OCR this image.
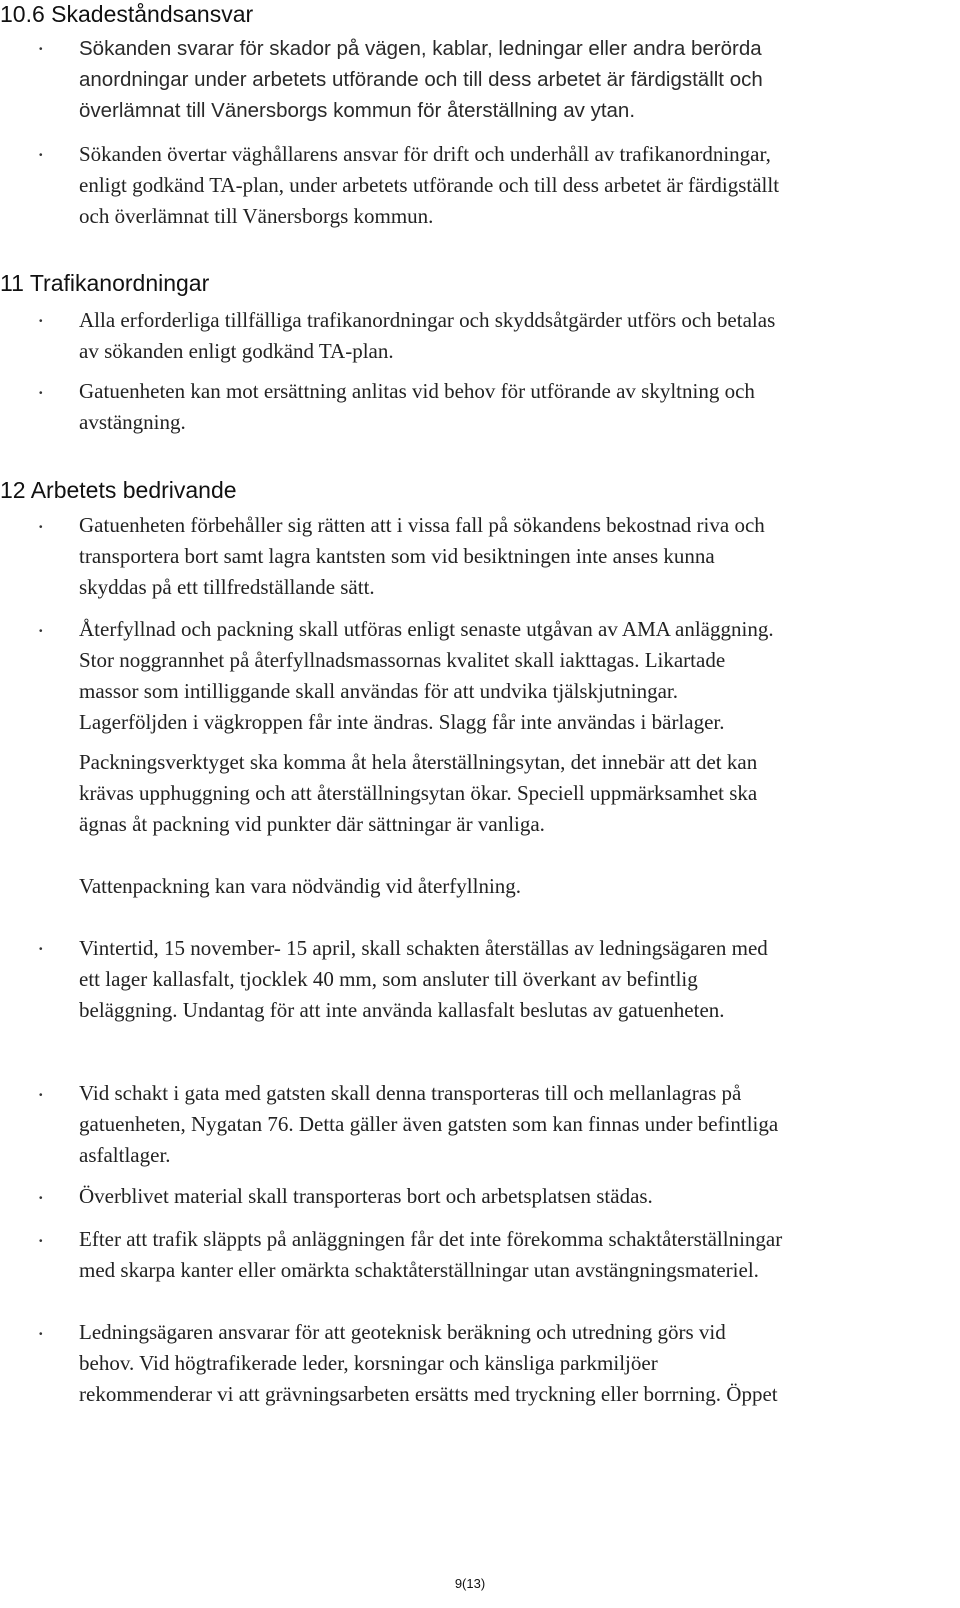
10.6 Skadeståndsansvar
• Sökanden svarar för skador på vägen, kablar, ledningar eller andra berörda
anordningar under arbetets utförande och till dess arbetet är färdigställt och
överlämnat till Vänersborgs kommun för återställning av ytan.
• Sökanden övertar väghållarens ansvar för drift och underhåll av trafikanordningar,
enligt godkänd TA-plan, under arbetets utförande och till dess arbetet är färdigställt
och överlämnat till Vänersborgs kommun.
11 Trafikanordningar
• Alla erforderliga tillfälliga trafikanordningar och skyddsåtgärder utförs och betalas
av sökanden enligt godkänd TA-plan.
• Gatuenheten kan mot ersättning anlitas vid behov för utförande av skyltning och
avstängning.
12 Arbetets bedrivande
• Gatuenheten förbehåller sig rätten att i vissa fall på sökandens bekostnad riva och
transportera bort samt lagra kantsten som vid besiktningen inte anses kunna
skyddas på ett tillfredställande sätt.
• Återfyllnad och packning skall utföras enligt senaste utgåvan av AMA anläggning.
Stor noggrannhet på återfyllnadsmassornas kvalitet skall iakttagas. Likartade
massor som intilliggande skall användas för att undvika tjälskjutningar.
Lagerföljden i vägkroppen får inte ändras. Slagg får inte användas i bärlager.
Packningsverktyget ska komma åt hela återställningsytan, det innebär att det kan
krävas upphuggning och att återställningsytan ökar. Speciell uppmärksamhet ska
ägnas åt packning vid punkter där sättningar är vanliga.
Vattenpackning kan vara nödvändig vid återfyllning.
• Vintertid, 15 november- 15 april, skall schakten återställas av ledningsägaren med
ett lager kallasfalt, tjocklek 40 mm, som ansluter till överkant av befintlig
beläggning. Undantag för att inte använda kallasfalt beslutas av gatuenheten.
• Vid schakt i gata med gatsten skall denna transporteras till och mellanlagras på
gatuenheten, Nygatan 76. Detta gäller även gatsten som kan finnas under befintliga
asfaltlager.
• Överblivet material skall transporteras bort och arbetsplatsen städas.
• Efter att trafik släppts på anläggningen får det inte förekomma schaktåterställningar
med skarpa kanter eller omärkta schaktåterställningar utan avstängningsmateriel.
• Ledningsägaren ansvarar för att geoteknisk beräkning och utredning görs vid
behov. Vid högtrafikerade leder, korsningar och känsliga parkmiljöer
rekommenderar vi att grävningsarbeten ersätts med tryckning eller borrning. Öppet
9(13)
